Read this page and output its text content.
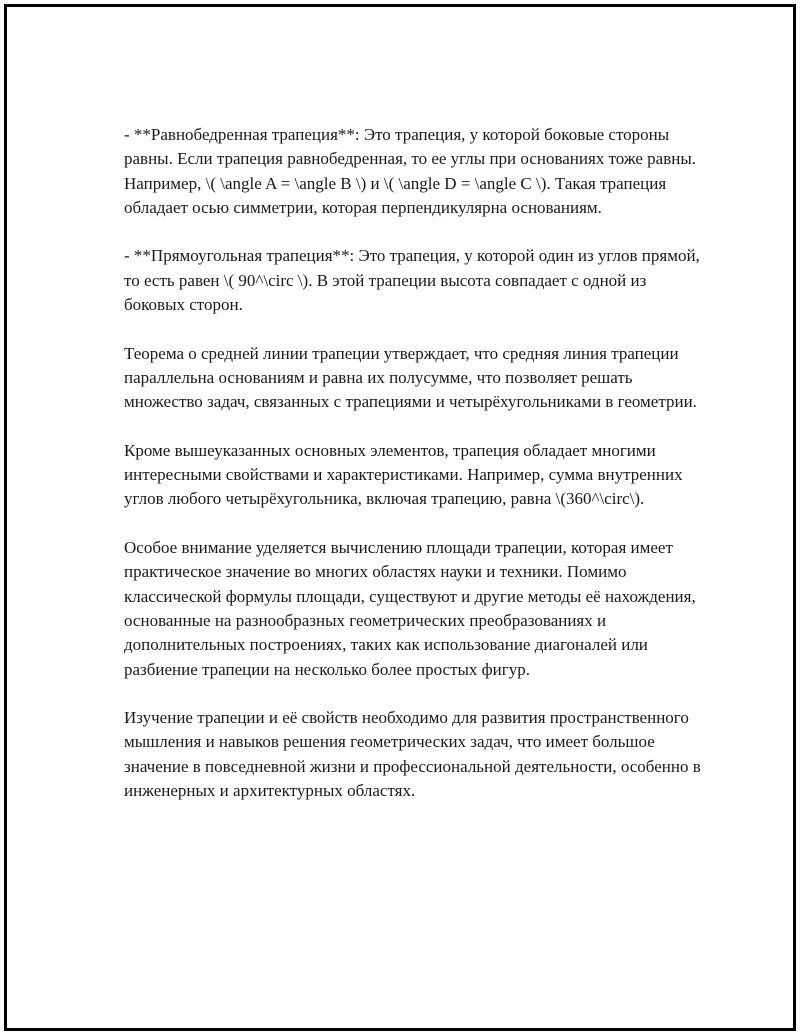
- **Равнобедренная трапеция**: Это трапеция, у которой боковые стороны равны. Если трапеция равнобедренная, то ее углы при основаниях тоже равны. Например, \( \angle A = \angle B \) и \( \angle D = \angle C \). Такая трапеция обладает осью симметрии, которая перпендикулярна основаниям.

- **Прямоугольная трапеция**: Это трапеция, у которой один из углов прямой, то есть равен \( 90^\circ \). В этой трапеции высота совпадает с одной из боковых сторон.

Теорема о средней линии трапеции утверждает, что средняя линия трапеции параллельна основаниям и равна их полусумме, что позволяет решать множество задач, связанных с трапециями и четырёхугольниками в геометрии.

Кроме вышеуказанных основных элементов, трапеция обладает многими интересными свойствами и характеристиками. Например, сумма внутренних углов любого четырёхугольника, включая трапецию, равна \(360^\circ\).

Особое внимание уделяется вычислению площади трапеции, которая имеет практическое значение во многих областях науки и техники. Помимо классической формулы площади, существуют и другие методы её нахождения, основанные на разнообразных геометрических преобразованиях и дополнительных построениях, таких как использование диагоналей или разбиение трапеции на несколько более простых фигур.

Изучение трапеции и её свойств необходимо для развития пространственного мышления и навыков решения геометрических задач, что имеет большое значение в повседневной жизни и профессиональной деятельности, особенно в инженерных и архитектурных областях.
